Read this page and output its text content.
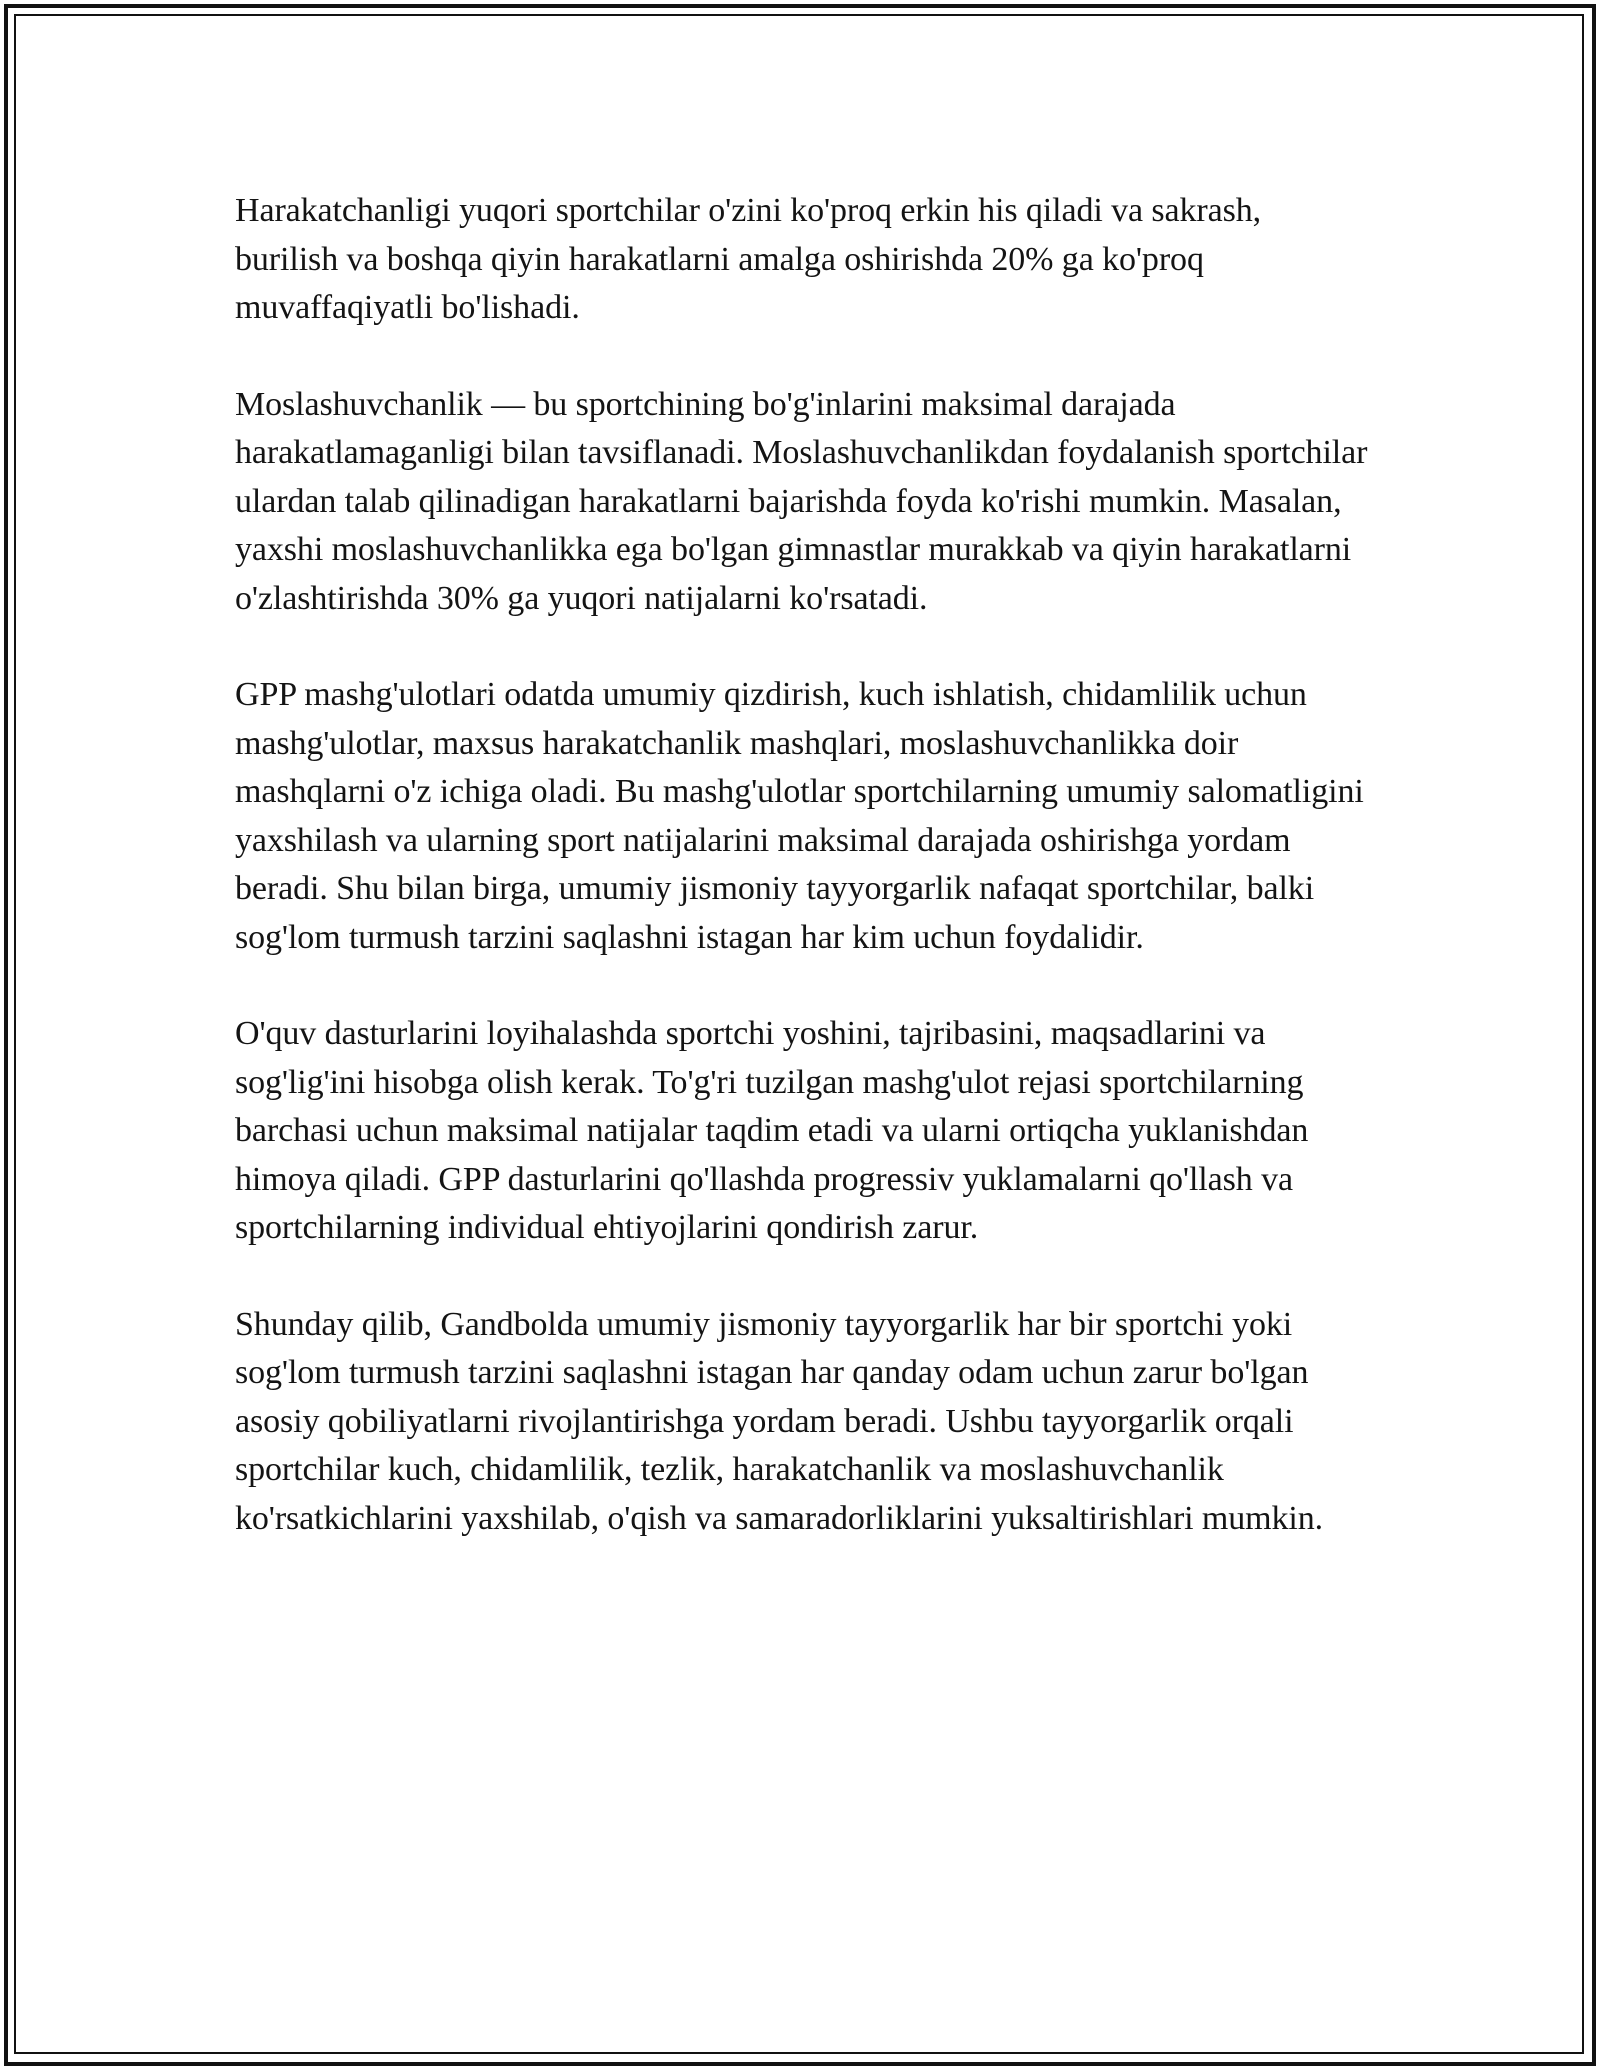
Harakatchanligi yuqori sportchilar o'zini ko'proq erkin his qiladi va sakrash, burilish va boshqa qiyin harakatlarni amalga oshirishda 20% ga ko'proq muvaffaqiyatli bo'lishadi.

Moslashuvchanlik — bu sportchining bo'g'inlarini maksimal darajada harakatlamaganligi bilan tavsiflanadi. Moslashuvchanlikdan foydalanish sportchilar ulardan talab qilinadigan harakatlarni bajarishda foyda ko'rishi mumkin. Masalan, yaxshi moslashuvchanlikka ega bo'lgan gimnastlar murakkab va qiyin harakatlarni o'zlashtirishda 30% ga yuqori natijalarni ko'rsatadi.

GPP mashg'ulotlari odatda umumiy qizdirish, kuch ishlatish, chidamlilik uchun mashg'ulotlar, maxsus harakatchanlik mashqlari, moslashuvchanlikka doir mashqlarni o'z ichiga oladi. Bu mashg'ulotlar sportchilarning umumiy salomatligini yaxshilash va ularning sport natijalarini maksimal darajada oshirishga yordam beradi. Shu bilan birga, umumiy jismoniy tayyorgarlik nafaqat sportchilar, balki sog'lom turmush tarzini saqlashni istagan har kim uchun foydalidir.

O'quv dasturlarini loyihalashda sportchi yoshini, tajribasini, maqsadlarini va sog'lig'ini hisobga olish kerak. To'g'ri tuzilgan mashg'ulot rejasi sportchilarning barchasi uchun maksimal natijalar taqdim etadi va ularni ortiqcha yuklanishdan himoya qiladi. GPP dasturlarini qo'llashda progressiv yuklamalarni qo'llash va sportchilarning individual ehtiyojlarini qondirish zarur.

Shunday qilib, Gandbolda umumiy jismoniy tayyorgarlik har bir sportchi yoki sog'lom turmush tarzini saqlashni istagan har qanday odam uchun zarur bo'lgan asosiy qobiliyatlarni rivojlantirishga yordam beradi. Ushbu tayyorgarlik orqali sportchilar kuch, chidamlilik, tezlik, harakatchanlik va moslashuvchanlik ko'rsatkichlarini yaxshilab, o'qish va samaradorliklarini yuksaltirishlari mumkin.
